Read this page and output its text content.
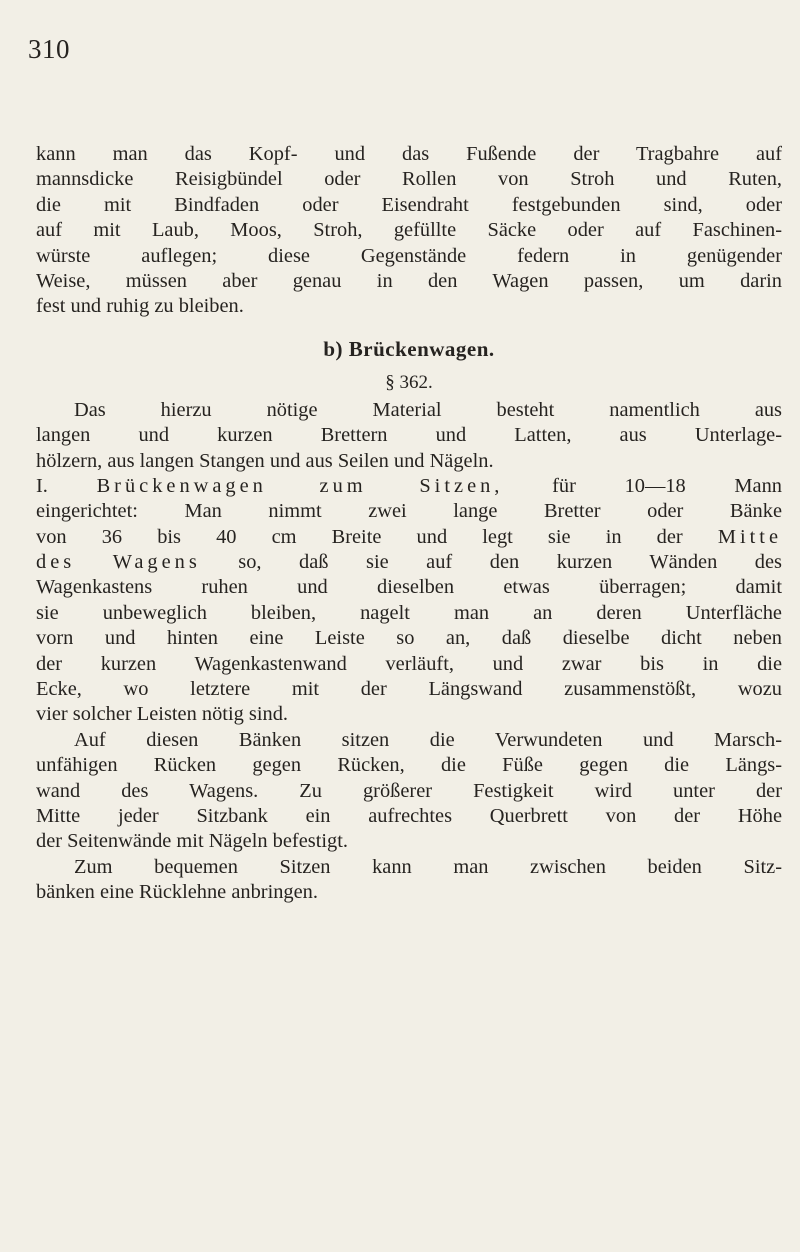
310
kann man das Kopf- und das Fußende der Tragbahre auf
mannsdicke Reisigbündel oder Rollen von Stroh und Ruten,
die mit Bindfaden oder Eisendraht festgebunden sind, oder
auf mit Laub, Moos, Stroh, gefüllte Säcke oder auf Faschinen-
würste auflegen; diese Gegenstände federn in genügender
Weise, müssen aber genau in den Wagen passen, um darin
fest und ruhig zu bleiben.
b) Brückenwagen.
§ 362.
Das hierzu nötige Material besteht namentlich aus
langen und kurzen Brettern und Latten, aus Unterlage-
hölzern, aus langen Stangen und aus Seilen und Nägeln.
I. Brückenwagen zum Sitzen, für 10—18 Mann
eingerichtet: Man nimmt zwei lange Bretter oder Bänke
von 36 bis 40 cm Breite und legt sie in der Mitte
des Wagens so, daß sie auf den kurzen Wänden des
Wagenkastens ruhen und dieselben etwas überragen; damit
sie unbeweglich bleiben, nagelt man an deren Unterfläche
vorn und hinten eine Leiste so an, daß dieselbe dicht neben
der kurzen Wagenkastenwand verläuft, und zwar bis in die
Ecke, wo letztere mit der Längswand zusammenstößt, wozu
vier solcher Leisten nötig sind.
Auf diesen Bänken sitzen die Verwundeten und Marsch-
unfähigen Rücken gegen Rücken, die Füße gegen die Längs-
wand des Wagens. Zu größerer Festigkeit wird unter der
Mitte jeder Sitzbank ein aufrechtes Querbrett von der Höhe
der Seitenwände mit Nägeln befestigt.
Zum bequemen Sitzen kann man zwischen beiden Sitz-
bänken eine Rücklehne anbringen.
